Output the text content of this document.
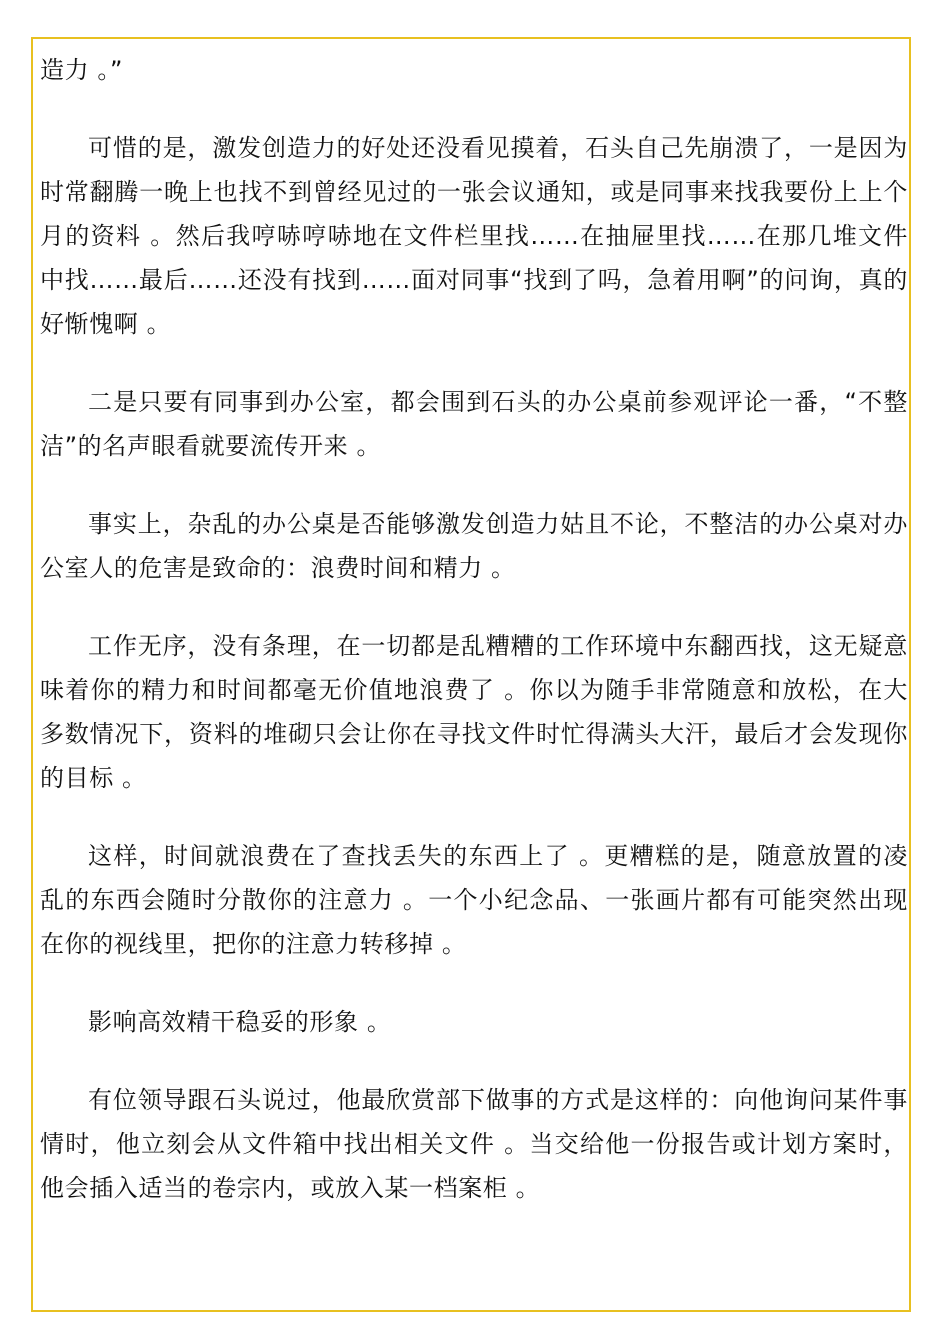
造力 。”

可惜的是，激发创造力的好处还没看见摸着，石头自己先崩溃了，一是因为时常翻腾一晚上也找不到曾经见过的一张会议通知，或是同事来找我要份上上个月的资料 。然后我哼哧哼哧地在文件栏里找……在抽屉里找……在那几堆文件中找……最后……还没有找到……面对同事“找到了吗，急着用啊”的问询，真的好惭愧啊 。

二是只要有同事到办公室，都会围到石头的办公桌前参观评论一番，“不整洁”的名声眼看就要流传开来 。

事实上，杂乱的办公桌是否能够激发创造力姑且不论，不整洁的办公桌对办公室人的危害是致命的：浪费时间和精力 。

工作无序，没有条理，在一切都是乱糟糟的工作环境中东翻西找，这无疑意味着你的精力和时间都毫无价值地浪费了 。你以为随手非常随意和放松，在大多数情况下，资料的堆砌只会让你在寻找文件时忙得满头大汗，最后才会发现你的目标 。

这样，时间就浪费在了查找丢失的东西上了 。更糟糕的是，随意放置的凌乱的东西会随时分散你的注意力 。一个小纪念品、一张画片都有可能突然出现在你的视线里，把你的注意力转移掉 。

影响高效精干稳妥的形象 。

有位领导跟石头说过，他最欣赏部下做事的方式是这样的：向他询问某件事情时，他立刻会从文件箱中找出相关文件 。当交给他一份报告或计划方案时，他会插入适当的卷宗内，或放入某一档案柜 。
